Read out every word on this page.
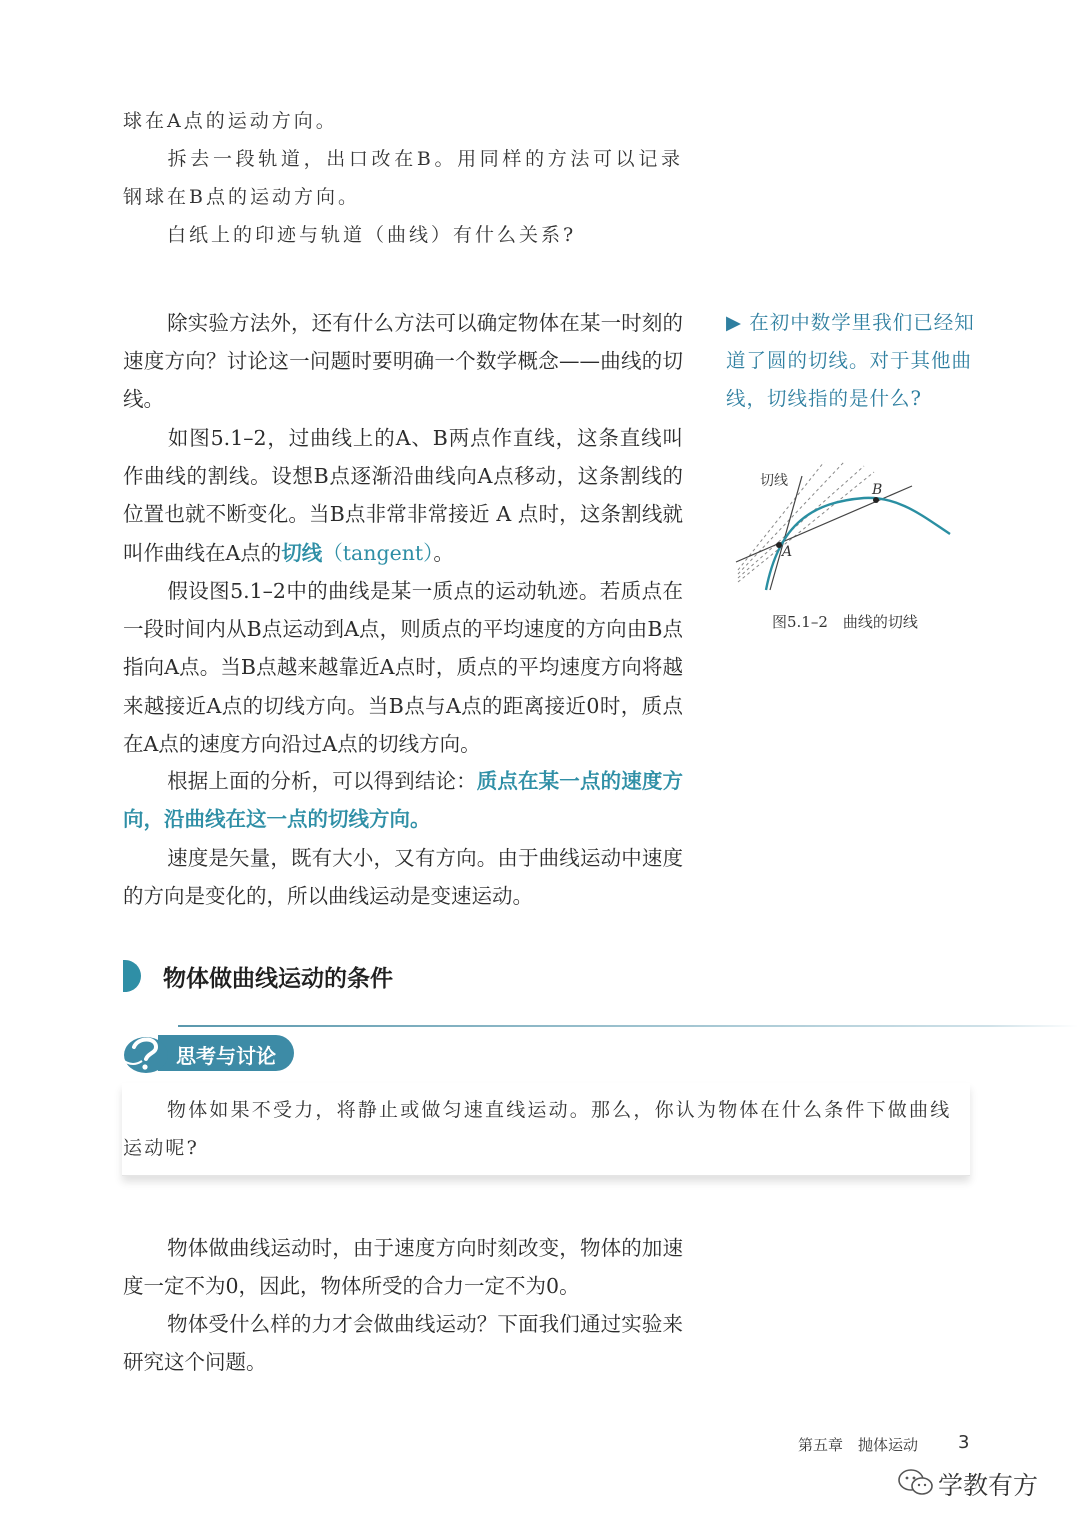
球在A点的运动方向。
拆去一段轨道，出口改在B。用同样的方法可以记录钢球在B点的运动方向。
白纸上的印迹与轨道（曲线）有什么关系?
▶ 在初中数学里我们已经知道了圆的切线。对于其他曲线，切线指的是什么?
除实验方法外，还有什么方法可以确定物体在某一时刻的速度方向？讨论这一问题时要明确一个数学概念——曲线的切线。
如图5.1–2，过曲线上的A、B两点作直线，这条直线叫作曲线的割线。设想B点逐渐沿曲线向A点移动，这条割线的位置也就不断变化。当B点非常非常接近 A 点时，这条割线就叫作曲线在A点的切线（tangent）。
假设图5.1–2中的曲线是某一质点的运动轨迹。若质点在一段时间内从B点运动到A点，则质点的平均速度的方向由B点指向A点。当B点越来越靠近A点时，质点的平均速度方向将越来越接近A点的切线方向。当B点与A点的距离接近0时，质点在A点的速度方向沿过A点的切线方向。
根据上面的分析，可以得到结论：质点在某一点的速度方向，沿曲线在这一点的切线方向。
速度是矢量，既有大小，又有方向。由于曲线运动中速度的方向是变化的，所以曲线运动是变速运动。
切线
A
B
图5.1–2　曲线的切线
物体做曲线运动的条件
思考与讨论
物体如果不受力，将静止或做匀速直线运动。那么，你认为物体在什么条件下做曲线运动呢?
物体做曲线运动时，由于速度方向时刻改变，物体的加速度一定不为0，因此，物体所受的合力一定不为0。
物体受什么样的力才会做曲线运动？下面我们通过实验来研究这个问题。
第五章　抛体运动 3
学教有方
